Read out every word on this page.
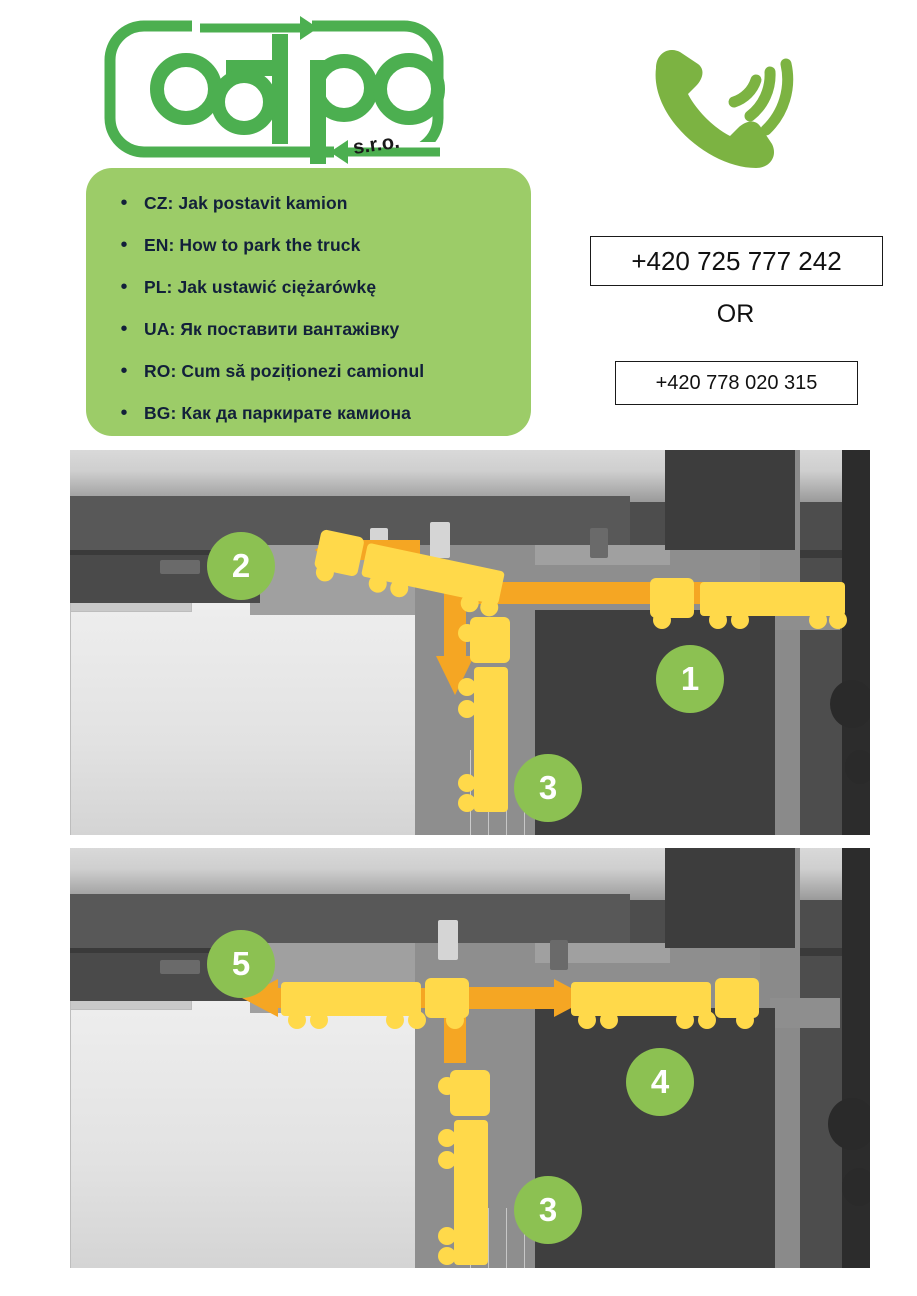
s.r.o.
• CZ: Jak postavit kamion
• EN: How to park the truck
• PL: Jak ustawić ciężarówkę
• UA: Як поставити вантажівку
• RO: Cum să poziționezi camionul
• BG: Как да паркирате камиона
+420 725 777 242
OR
+420 778 020 315
2
1
3
5
4
3
